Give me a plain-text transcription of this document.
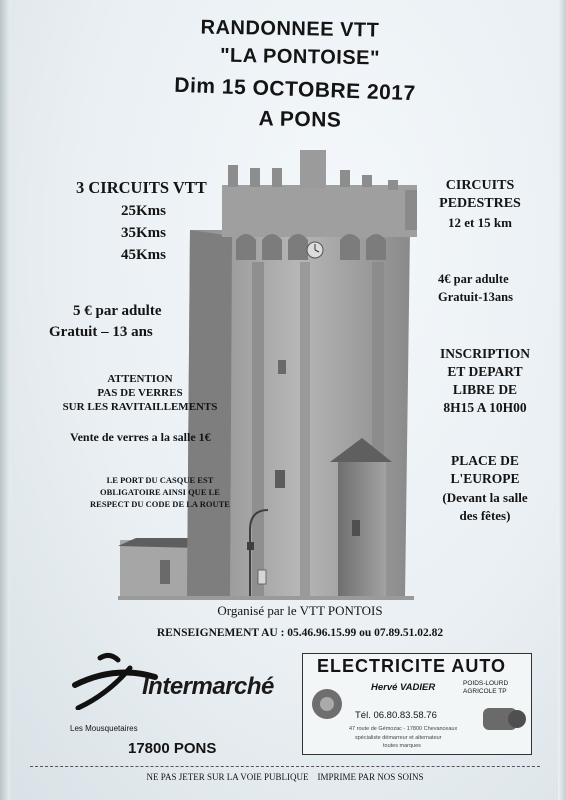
RANDONNEE VTT
"LA PONTOISE"
Dim 15 OCTOBRE 2017
A PONS
3 CIRCUITS VTT
25Kms
35Kms
45Kms
5 € par adulte
Gratuit – 13 ans
ATTENTION
PAS DE VERRES
SUR LES RAVITAILLEMENTS
Vente de verres a la salle 1€
LE PORT DU CASQUE EST
OBLIGATOIRE AINSI QUE LE
RESPECT DU CODE DE LA ROUTE
CIRCUITS
PEDESTRES
12 et 15 km
4€ par adulte
Gratuit-13ans
INSCRIPTION
ET DEPART
LIBRE DE
8H15 A 10H00
PLACE DE
L'EUROPE
(Devant la salle
des fêtes)
Organisé par le VTT PONTOIS
RENSEIGNEMENT AU : 05.46.96.15.99 ou 07.89.51.02.82
Les Mousquetaires
Intermarché
17800 PONS
ELECTRICITE AUTO
Hervé VADIER	POIDS-LOURD
AGRICOLE TP
Tél. 06.80.83.58.76
47 route de Gémozac - 17800 Chevanceaux
spécialiste démarreur et alternateur
toutes marques
NE PAS JETER SUR LA VOIE PUBLIQUE    IMPRIME PAR NOS SOINS
